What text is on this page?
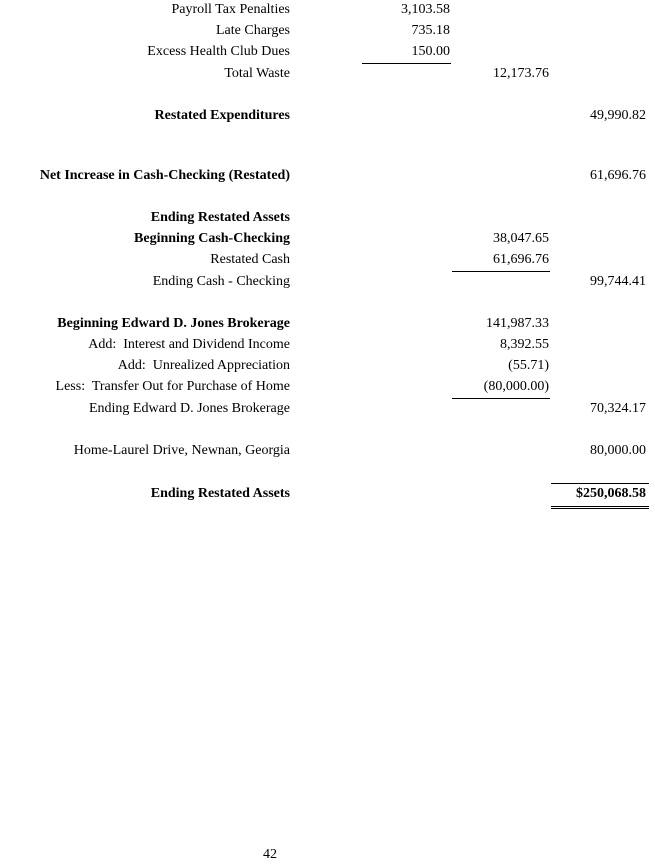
Payroll Tax Penalties	3,103.58
Late Charges	735.18
Excess Health Club Dues	150.00
Total Waste	12,173.76
Restated Expenditures	49,990.82
Net Increase in Cash-Checking (Restated)	61,696.76
Ending Restated Assets
Beginning Cash-Checking	38,047.65
Restated Cash	61,696.76
Ending Cash - Checking	99,744.41
Beginning Edward D. Jones Brokerage	141,987.33
Add:  Interest and Dividend Income	8,392.55
Add:  Unrealized Appreciation	(55.71)
Less:  Transfer Out for Purchase of Home	(80,000.00)
Ending Edward D. Jones Brokerage	70,324.17
Home-Laurel Drive, Newnan, Georgia	80,000.00
Ending Restated Assets	$250,068.58
42
